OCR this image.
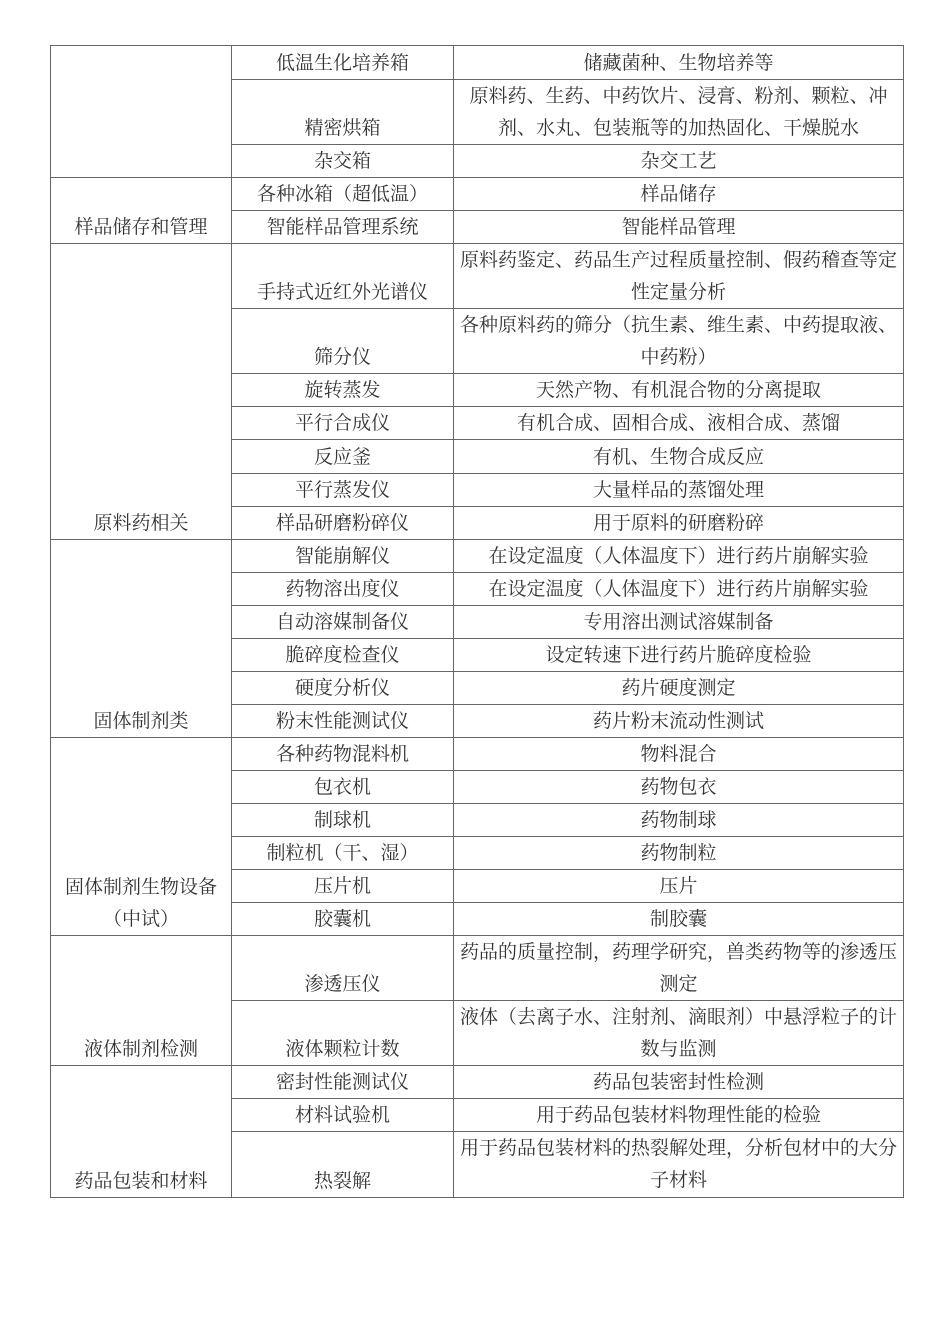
	低温生化培养箱	储藏菌种、生物培养等
	精密烘箱	原料药、生药、中药饮片、浸膏、粉剂、颗粒、冲剂、水丸、包装瓶等的加热固化、干燥脱水
	杂交箱	杂交工艺
样品储存和管理	各种冰箱（超低温）	样品储存
	智能样品管理系统	智能样品管理
原料药相关	手持式近红外光谱仪	原料药鉴定、药品生产过程质量控制、假药稽查等定性定量分析
	筛分仪	各种原料药的筛分（抗生素、维生素、中药提取液、中药粉）
	旋转蒸发	天然产物、有机混合物的分离提取
	平行合成仪	有机合成、固相合成、液相合成、蒸馏
	反应釜	有机、生物合成反应
	平行蒸发仪	大量样品的蒸馏处理
	样品研磨粉碎仪	用于原料的研磨粉碎
固体制剂类	智能崩解仪	在设定温度（人体温度下）进行药片崩解实验
	药物溶出度仪	在设定温度（人体温度下）进行药片崩解实验
	自动溶媒制备仪	专用溶出测试溶媒制备
	脆碎度检查仪	设定转速下进行药片脆碎度检验
	硬度分析仪	药片硬度测定
	粉末性能测试仪	药片粉末流动性测试
固体制剂生物设备（中试）	各种药物混料机	物料混合
	包衣机	药物包衣
	制球机	药物制球
	制粒机（干、湿）	药物制粒
	压片机	压片
	胶囊机	制胶囊
液体制剂检测	渗透压仪	药品的质量控制，药理学研究，兽类药物等的渗透压测定
	液体颗粒计数	液体（去离子水、注射剂、滴眼剂）中悬浮粒子的计数与监测
药品包装和材料	密封性能测试仪	药品包装密封性检测
	材料试验机	用于药品包装材料物理性能的检验
	热裂解	用于药品包装材料的热裂解处理，分析包材中的大分子材料
